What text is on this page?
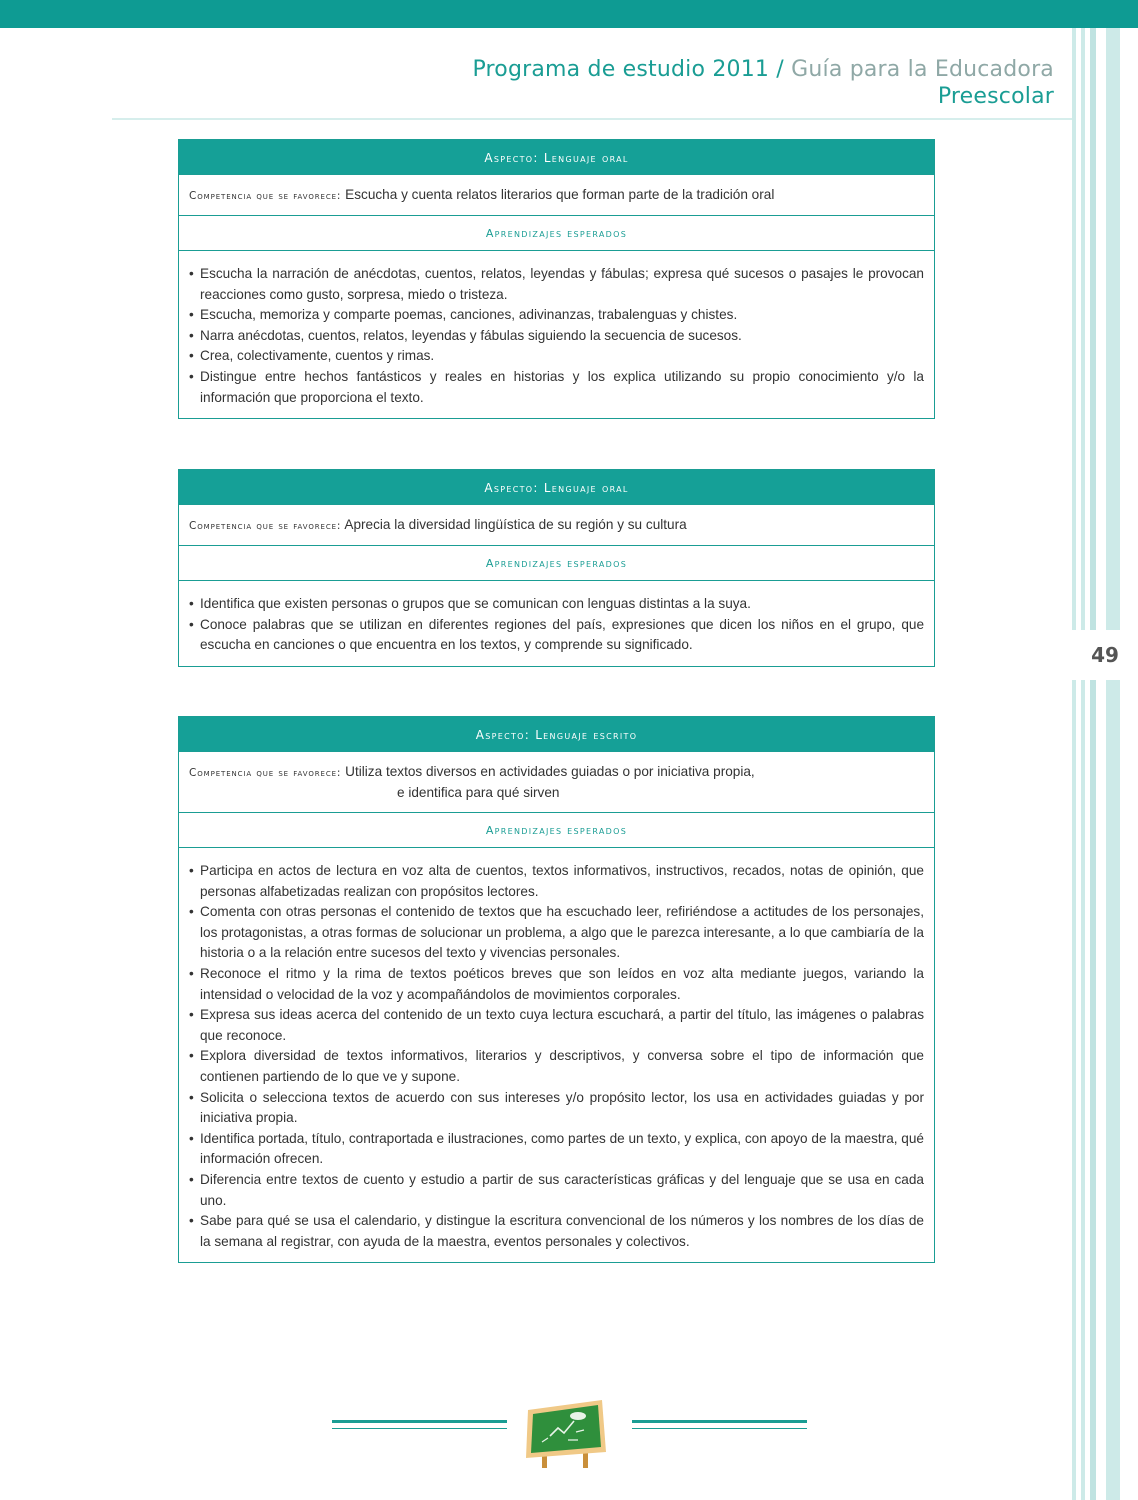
Programa de estudio 2011 / Guía para la Educadora
Preescolar
49
Aspecto: Lenguaje oral
Competencia que se favorece: Escucha y cuenta relatos literarios que forman parte de la tradición oral
Aprendizajes esperados
• Escucha la narración de anécdotas, cuentos, relatos, leyendas y fábulas; expresa qué sucesos o pasajes le provocan reacciones como gusto, sorpresa, miedo o tristeza.
• Escucha, memoriza y comparte poemas, canciones, adivinanzas, trabalenguas y chistes.
• Narra anécdotas, cuentos, relatos, leyendas y fábulas siguiendo la secuencia de sucesos.
• Crea, colectivamente, cuentos y rimas.
• Distingue entre hechos fantásticos y reales en historias y los explica utilizando su propio conocimiento y/o la información que proporciona el texto.
Aspecto: Lenguaje oral
Competencia que se favorece: Aprecia la diversidad lingüística de su región y su cultura
Aprendizajes esperados
• Identifica que existen personas o grupos que se comunican con lenguas distintas a la suya.
• Conoce palabras que se utilizan en diferentes regiones del país, expresiones que dicen los niños en el grupo, que escucha en canciones o que encuentra en los textos, y comprende su significado.
Aspecto: Lenguaje escrito
Competencia que se favorece: Utiliza textos diversos en actividades guiadas o por iniciativa propia,
e identifica para qué sirven
Aprendizajes esperados
• Participa en actos de lectura en voz alta de cuentos, textos informativos, instructivos, recados, notas de opinión, que personas alfabetizadas realizan con propósitos lectores.
• Comenta con otras personas el contenido de textos que ha escuchado leer, refiriéndose a actitudes de los personajes, los protagonistas, a otras formas de solucionar un problema, a algo que le parezca interesante, a lo que cambiaría de la historia o a la relación entre sucesos del texto y vivencias personales.
• Reconoce el ritmo y la rima de textos poéticos breves que son leídos en voz alta mediante juegos, variando la intensidad o velocidad de la voz y acompañándolos de movimientos corporales.
• Expresa sus ideas acerca del contenido de un texto cuya lectura escuchará, a partir del título, las imágenes o palabras que reconoce.
• Explora diversidad de textos informativos, literarios y descriptivos, y conversa sobre el tipo de información que contienen partiendo de lo que ve y supone.
• Solicita o selecciona textos de acuerdo con sus intereses y/o propósito lector, los usa en actividades guiadas y por iniciativa propia.
• Identifica portada, título, contraportada e ilustraciones, como partes de un texto, y explica, con apoyo de la maestra, qué información ofrecen.
• Diferencia entre textos de cuento y estudio a partir de sus características gráficas y del lenguaje que se usa en cada uno.
• Sabe para qué se usa el calendario, y distingue la escritura convencional de los números y los nombres de los días de la semana al registrar, con ayuda de la maestra, eventos personales y colectivos.
